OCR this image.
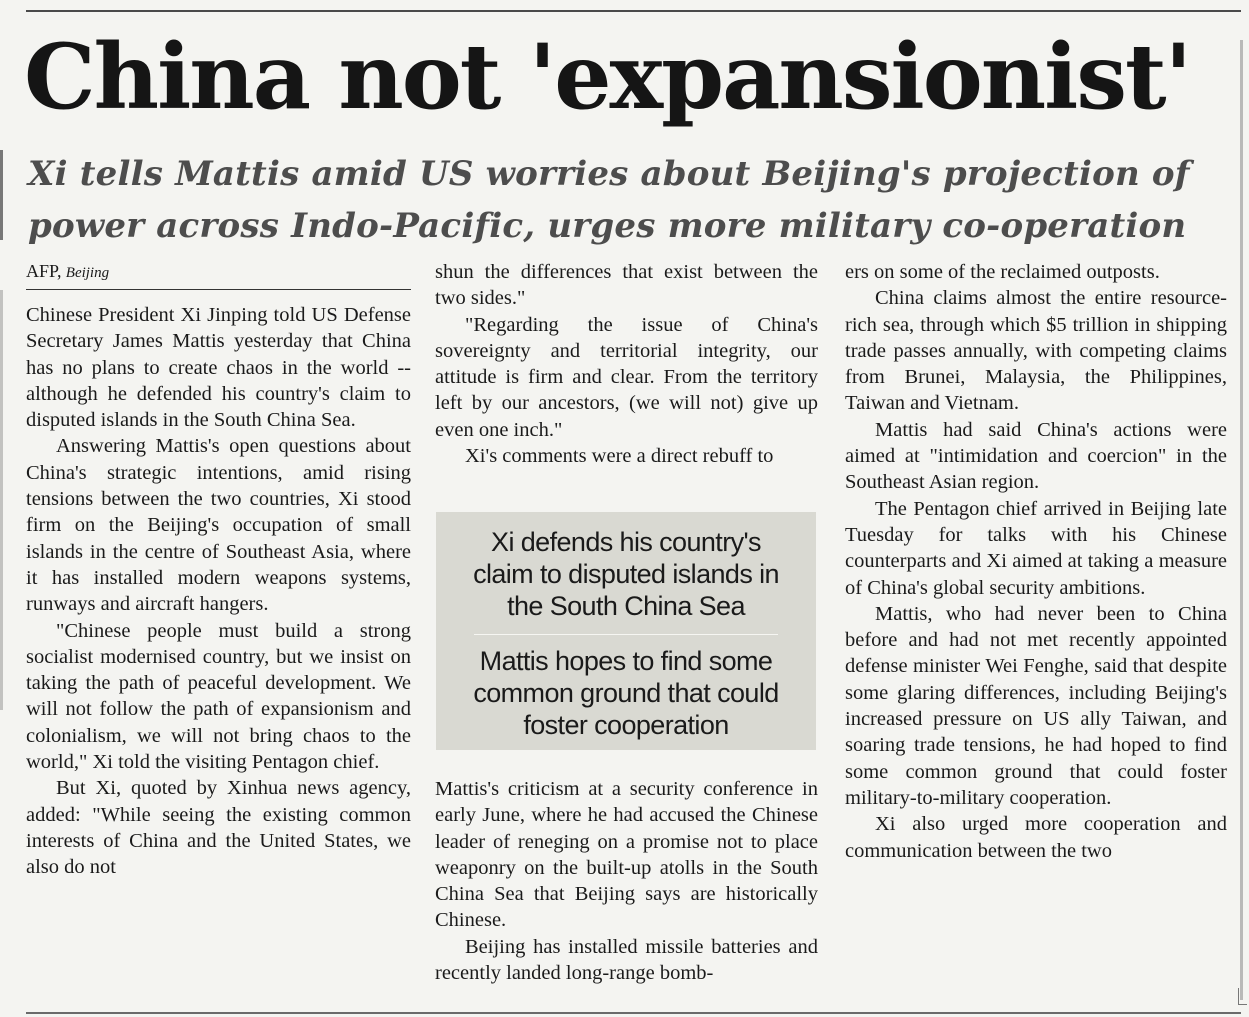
China not 'expansionist'
Xi tells Mattis amid US worries about Beijing's projection of power across Indo-Pacific, urges more military co-operation
AFP, Beijing

Chinese President Xi Jinping told US Defense Secretary James Mattis yesterday that China has no plans to create chaos in the world -- although he defended his country's claim to disputed islands in the South China Sea.

Answering Mattis's open questions about China's strategic intentions, amid rising tensions between the two countries, Xi stood firm on the Beijing's occupation of small islands in the centre of Southeast Asia, where it has installed modern weapons systems, runways and aircraft hangers.

"Chinese people must build a strong socialist modernised country, but we insist on taking the path of peaceful development. We will not follow the path of expansionism and colonialism, we will not bring chaos to the world," Xi told the visiting Pentagon chief.

But Xi, quoted by Xinhua news agency, added: "While seeing the existing common interests of China and the United States, we also do not

shun the differences that exist between the two sides."

"Regarding the issue of China's sovereignty and territorial integrity, our attitude is firm and clear. From the territory left by our ancestors, (we will not) give up even one inch."

Xi's comments were a direct rebuff to

Xi defends his country's claim to disputed islands in the South China Sea
Mattis hopes to find some common ground that could foster cooperation

Mattis's criticism at a security conference in early June, where he had accused the Chinese leader of reneging on a promise not to place weaponry on the built-up atolls in the South China Sea that Beijing says are historically Chinese.

Beijing has installed missile batteries and recently landed long-range bomb-

ers on some of the reclaimed outposts.

China claims almost the entire resource-rich sea, through which $5 trillion in shipping trade passes annually, with competing claims from Brunei, Malaysia, the Philippines, Taiwan and Vietnam.

Mattis had said China's actions were aimed at "intimidation and coercion" in the Southeast Asian region.

The Pentagon chief arrived in Beijing late Tuesday for talks with his Chinese counterparts and Xi aimed at taking a measure of China's global security ambitions.

Mattis, who had never been to China before and had not met recently appointed defense minister Wei Fenghe, said that despite some glaring differences, including Beijing's increased pressure on US ally Taiwan, and soaring trade tensions, he had hoped to find some common ground that could foster military-to-military cooperation.

Xi also urged more cooperation and communication between the two
